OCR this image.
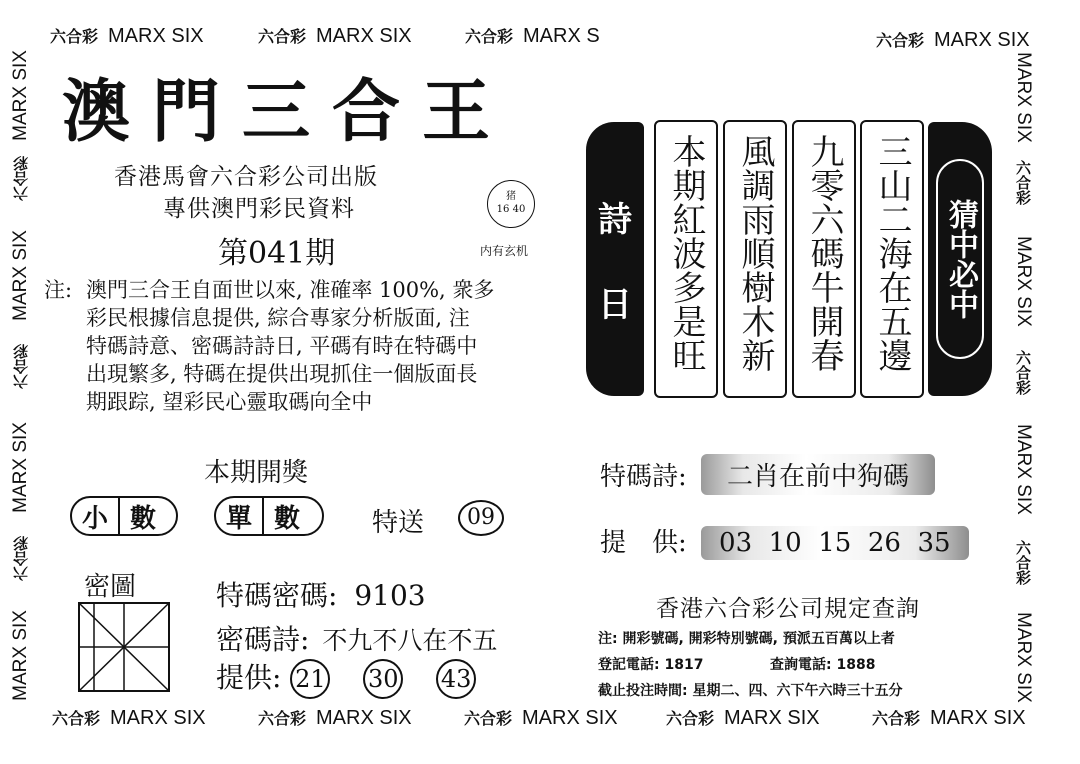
六合彩 MARX SIX	六合彩 MARX SIX	六合彩 MARX S	六合彩 MARX SIX
六合彩 MARX SIX	六合彩 MARX SIX	六合彩 MARX SIX	六合彩 MARX SIX	六合彩 MARX SIX
MARX SIX
六合彩
MARX SIX
六合彩
MARX SIX
六合彩
MARX SIX
MARX SIX
六合彩
MARX SIX
六合彩
MARX SIX
六合彩
MARX SIX
澳門三合王
香港馬會六合彩公司出版
專供澳門彩民資料	猪
16 40
第041期	内有玄机
注: 澳門三合王自面世以來, 准確率 100%, 衆多
彩民根據信息提供, 綜合專家分析版面, 注
特碼詩意、密碼詩詩日, 平碼有時在特碼中
出現繁多, 特碼在提供出現抓住一個版面長
期跟踪, 望彩民心靈取碼向全中
本期開獎
小 數	單 數	特送	09
密圖	特碼密碼: 9103
密碼詩: 不九不八在不五
提供: 21 30 43
詩
日	本期紅波多是旺 風調雨順樹木新 九零六碼牛開春 三山二海在五邊	猜中必中
特碼詩: 二肖在前中狗碼
提　供: 03  10  15  26  35
香港六合彩公司規定查詢
注: 開彩號碼, 開彩特別號碼, 預派五百萬以上者
登記電話: 1817	查詢電話: 1888
截止投注時間: 星期二、四、六下午六時三十五分
